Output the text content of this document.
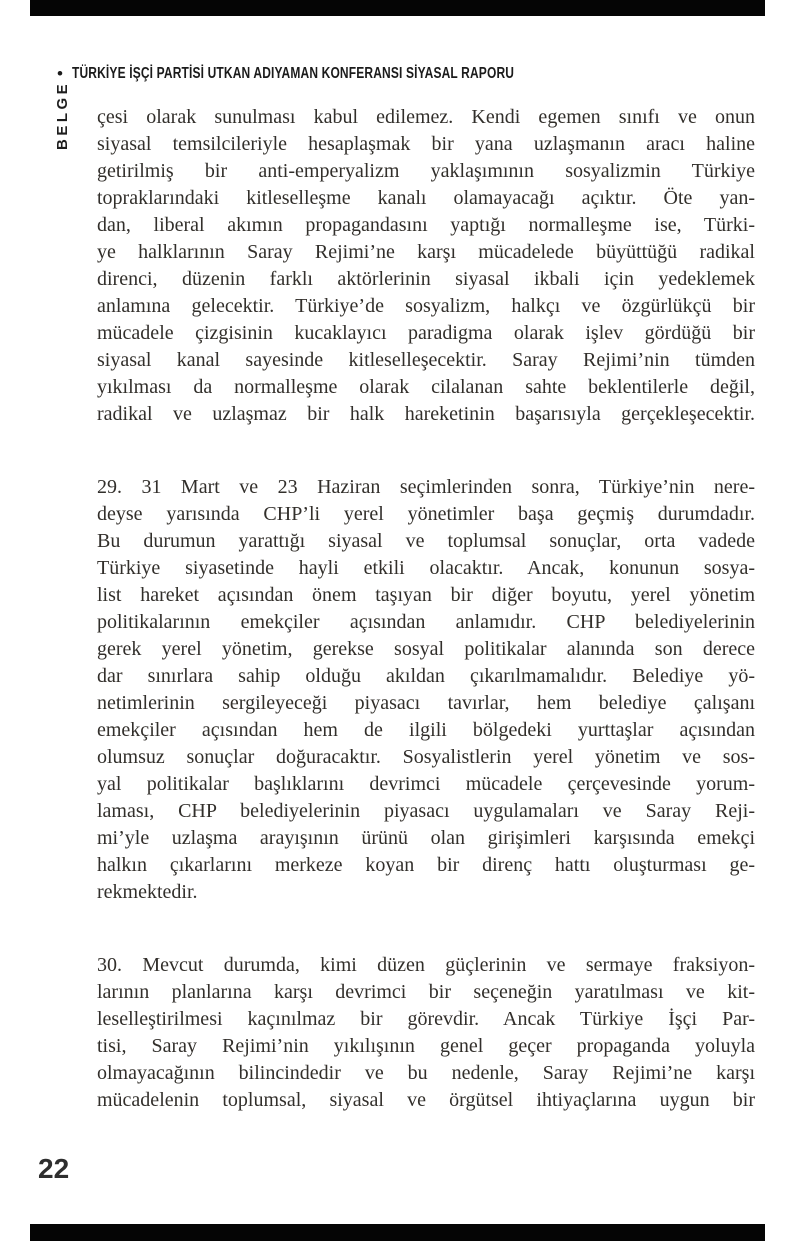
• TÜRKİYE İŞÇİ PARTİSİ UTKAN ADIYAMAN KONFERANSI SİYASAL RAPORU
BELGE çesi olarak sunulması kabul edilemez. Kendi egemen sınıfı ve onun
siyasal temsilcileriyle hesaplaşmak bir yana uzlaşmanın aracı haline
getirilmiş bir anti-emperyalizm yaklaşımının sosyalizmin Türkiye
topraklarındaki kitleselleşme kanalı olamayacağı açıktır. Öte yan-
dan, liberal akımın propagandasını yaptığı normalleşme ise, Türki-
ye halklarının Saray Rejimi’ne karşı mücadelede büyüttüğü radikal
direnci, düzenin farklı aktörlerinin siyasal ikbali için yedeklemek
anlamına gelecektir. Türkiye’de sosyalizm, halkçı ve özgürlükçü bir
mücadele çizgisinin kucaklayıcı paradigma olarak işlev gördüğü bir
siyasal kanal sayesinde kitleselleşecektir. Saray Rejimi’nin tümden
yıkılması da normalleşme olarak cilalanan sahte beklentilerle değil,
radikal ve uzlaşmaz bir halk hareketinin başarısıyla gerçekleşecektir.
29. 31 Mart ve 23 Haziran seçimlerinden sonra, Türkiye’nin nere-
deyse yarısında CHP’li yerel yönetimler başa geçmiş durumdadır.
Bu durumun yarattığı siyasal ve toplumsal sonuçlar, orta vadede
Türkiye siyasetinde hayli etkili olacaktır. Ancak, konunun sosya-
list hareket açısından önem taşıyan bir diğer boyutu, yerel yönetim
politikalarının emekçiler açısından anlamıdır. CHP belediyelerinin
gerek yerel yönetim, gerekse sosyal politikalar alanında son derece
dar sınırlara sahip olduğu akıldan çıkarılmamalıdır. Belediye yö-
netimlerinin sergileyeceği piyasacı tavırlar, hem belediye çalışanı
emekçiler açısından hem de ilgili bölgedeki yurttaşlar açısından
olumsuz sonuçlar doğuracaktır. Sosyalistlerin yerel yönetim ve sos-
yal politikalar başlıklarını devrimci mücadele çerçevesinde yorum-
laması, CHP belediyelerinin piyasacı uygulamaları ve Saray Reji-
mi’yle uzlaşma arayışının ürünü olan girişimleri karşısında emekçi
halkın çıkarlarını merkeze koyan bir direnç hattı oluşturması ge-
rekmektedir.
30. Mevcut durumda, kimi düzen güçlerinin ve sermaye fraksiyon-
larının planlarına karşı devrimci bir seçeneğin yaratılması ve kit-
leselleştirilmesi kaçınılmaz bir görevdir. Ancak Türkiye İşçi Par-
tisi, Saray Rejimi’nin yıkılışının genel geçer propaganda yoluyla
olmayacağının bilincindedir ve bu nedenle, Saray Rejimi’ne karşı
mücadelenin toplumsal, siyasal ve örgütsel ihtiyaçlarına uygun bir
22
